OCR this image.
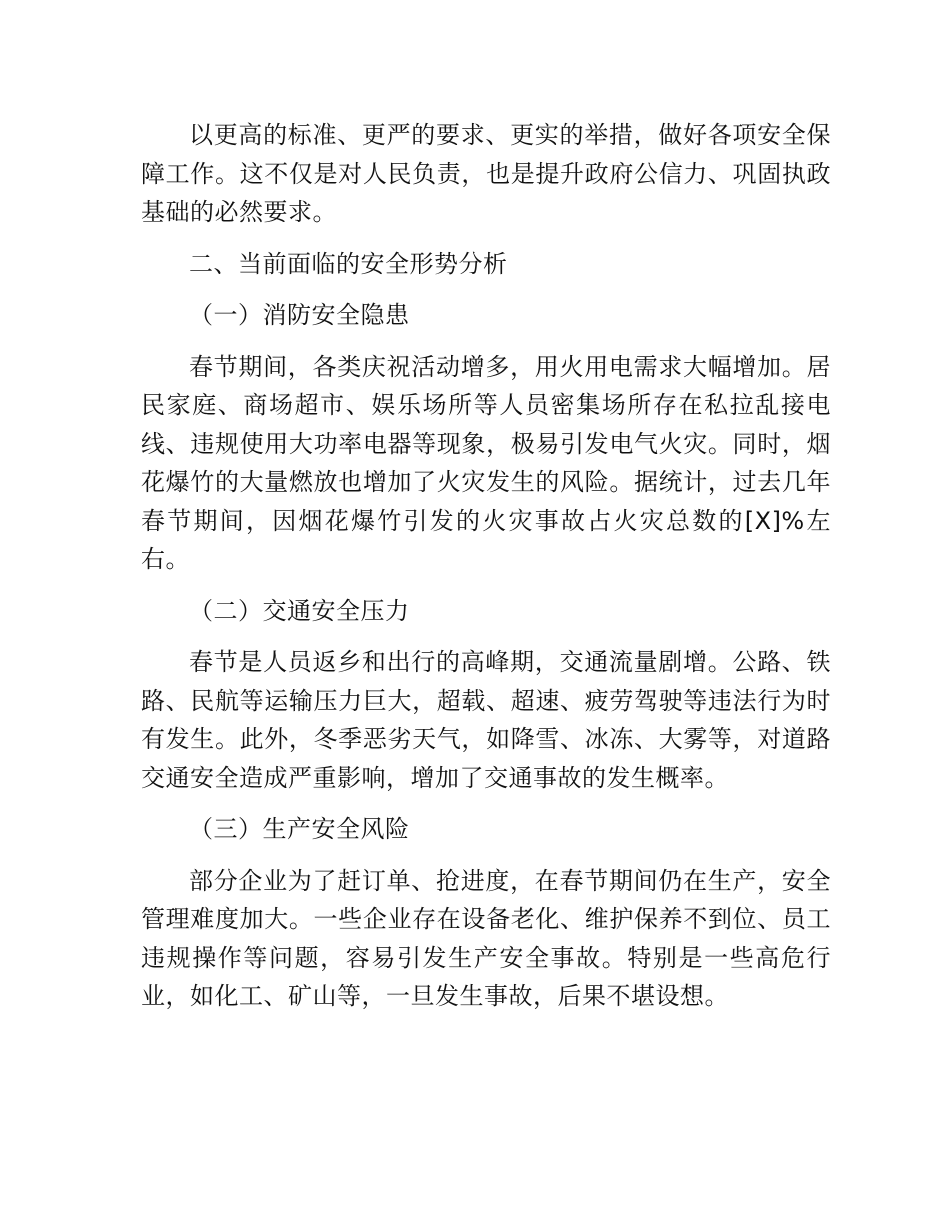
以更高的标准、更严的要求、更实的举措，做好各项安全保障工作。这不仅是对人民负责，也是提升政府公信力、巩固执政基础的必然要求。

二、当前面临的安全形势分析

（一）消防安全隐患

春节期间，各类庆祝活动增多，用火用电需求大幅增加。居民家庭、商场超市、娱乐场所等人员密集场所存在私拉乱接电线、违规使用大功率电器等现象，极易引发电气火灾。同时，烟花爆竹的大量燃放也增加了火灾发生的风险。据统计，过去几年春节期间，因烟花爆竹引发的火灾事故占火灾总数的[X]%左右。

（二）交通安全压力

春节是人员返乡和出行的高峰期，交通流量剧增。公路、铁路、民航等运输压力巨大，超载、超速、疲劳驾驶等违法行为时有发生。此外，冬季恶劣天气，如降雪、冰冻、大雾等，对道路交通安全造成严重影响，增加了交通事故的发生概率。

（三）生产安全风险

部分企业为了赶订单、抢进度，在春节期间仍在生产，安全管理难度加大。一些企业存在设备老化、维护保养不到位、员工违规操作等问题，容易引发生产安全事故。特别是一些高危行业，如化工、矿山等，一旦发生事故，后果不堪设想。
